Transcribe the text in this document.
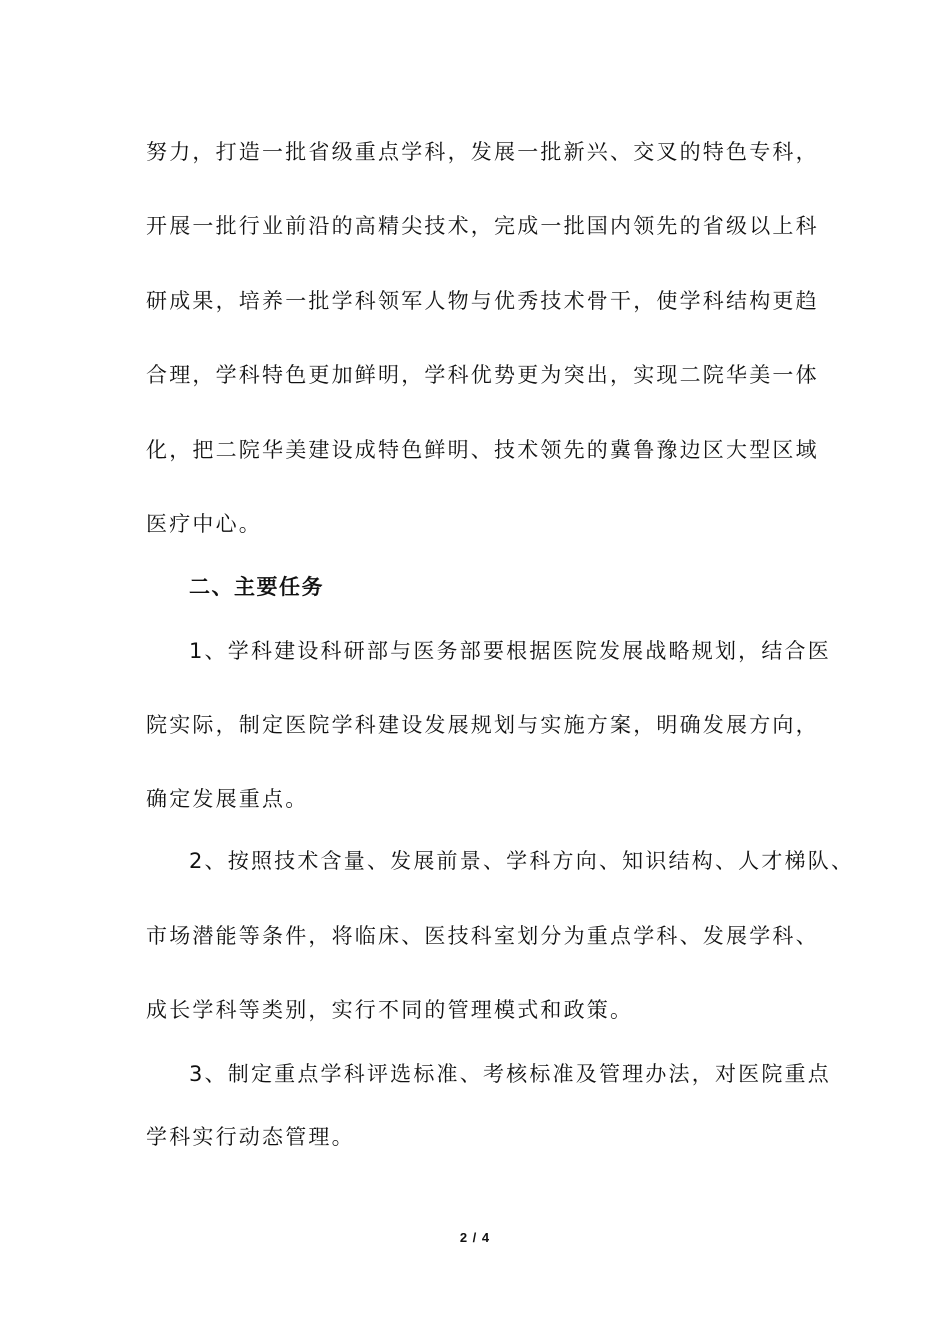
努力，打造一批省级重点学科，发展一批新兴、交叉的特色专科，
开展一批行业前沿的高精尖技术，完成一批国内领先的省级以上科
研成果，培养一批学科领军人物与优秀技术骨干，使学科结构更趋
合理，学科特色更加鲜明，学科优势更为突出，实现二院华美一体
化，把二院华美建设成特色鲜明、技术领先的冀鲁豫边区大型区域
医疗中心。
二、主要任务
1、学科建设科研部与医务部要根据医院发展战略规划，结合医
院实际，制定医院学科建设发展规划与实施方案，明确发展方向，
确定发展重点。
2、按照技术含量、发展前景、学科方向、知识结构、人才梯队、
市场潜能等条件，将临床、医技科室划分为重点学科、发展学科、
成长学科等类别，实行不同的管理模式和政策。
3、制定重点学科评选标准、考核标准及管理办法，对医院重点
学科实行动态管理。
2 / 4
